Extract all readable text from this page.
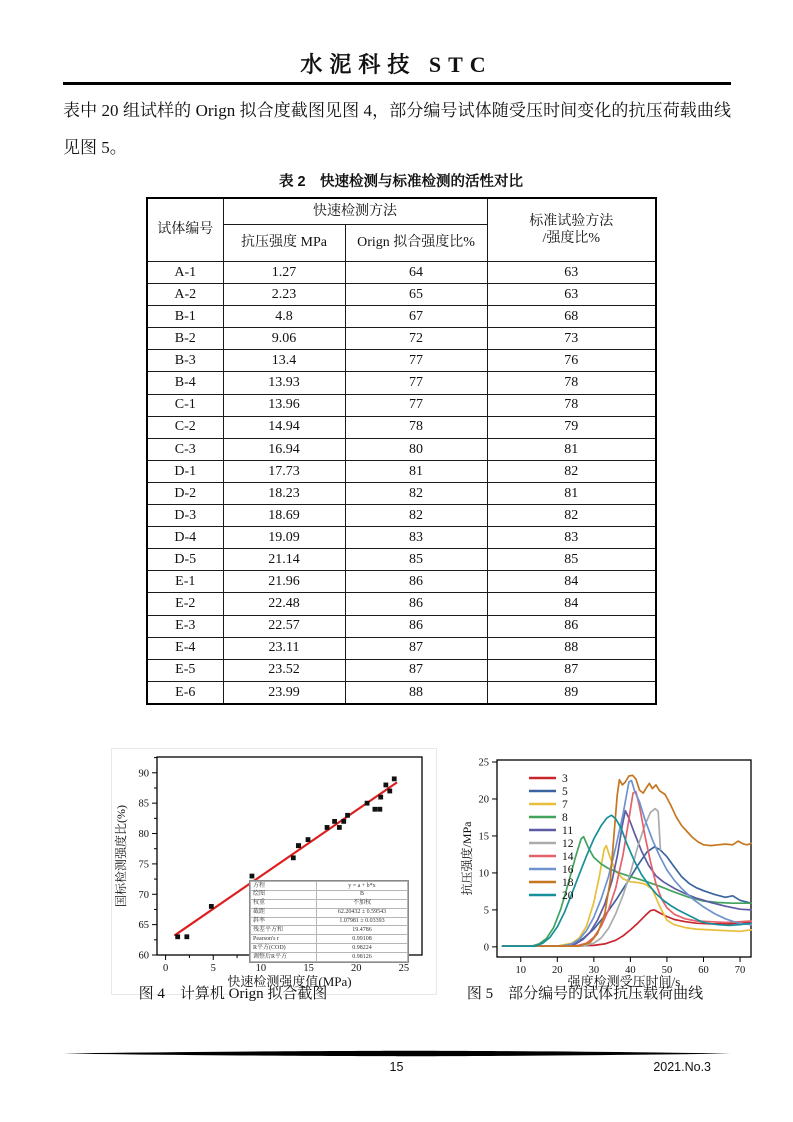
水泥科技 STC

表中 20 组试样的 Orign 拟合度截图见图 4，部分编号试体随受压时间变化的抗压荷载曲线见图 5。

表 2　快速检测与标准检测的活性对比
试体编号	快速检测方法		标准试验方法
/强度比%
	抗压强度 MPa	Orign 拟合强度比%	
A-1	1.27	64	63
A-2	2.23	65	63
B-1	4.8	67	68
B-2	9.06	72	73
B-3	13.4	77	76
B-4	13.93	77	78
C-1	13.96	77	78
C-2	14.94	78	79
C-3	16.94	80	81
D-1	17.73	81	82
D-2	18.23	82	81
D-3	18.69	82	82
D-4	19.09	83	83
D-5	21.14	85	85
E-1	21.96	86	84
E-2	22.48	86	84
E-3	22.57	86	86
E-4	23.11	87	88
E-5	23.52	87	87
E-6	23.99	88	89
0	5	10	15	20	25
60
65
70
75
80
85
90
快速检测强度值(MPa)
国标检测强度比(%)	方程	y = a + b*x
绘图	B
权重	不加权
截距	62.20432 ± 0.59543
斜率	1.07981 ± 0.03393
残差平方和	19.4786
Pearson's r	0.99108
R平方(COD)	0.98224
调整后R平方	0.98126
10 20 30 40 50 60 70
0
5
10
15
20
25
强度检测受压时间/s
抗压强度/MPa
3
5
7
8
11
12
14
16
18
20
图 4　计算机 Orign 拟合截图	图 5　部分编号的试体抗压载荷曲线
15	2021.No.3
